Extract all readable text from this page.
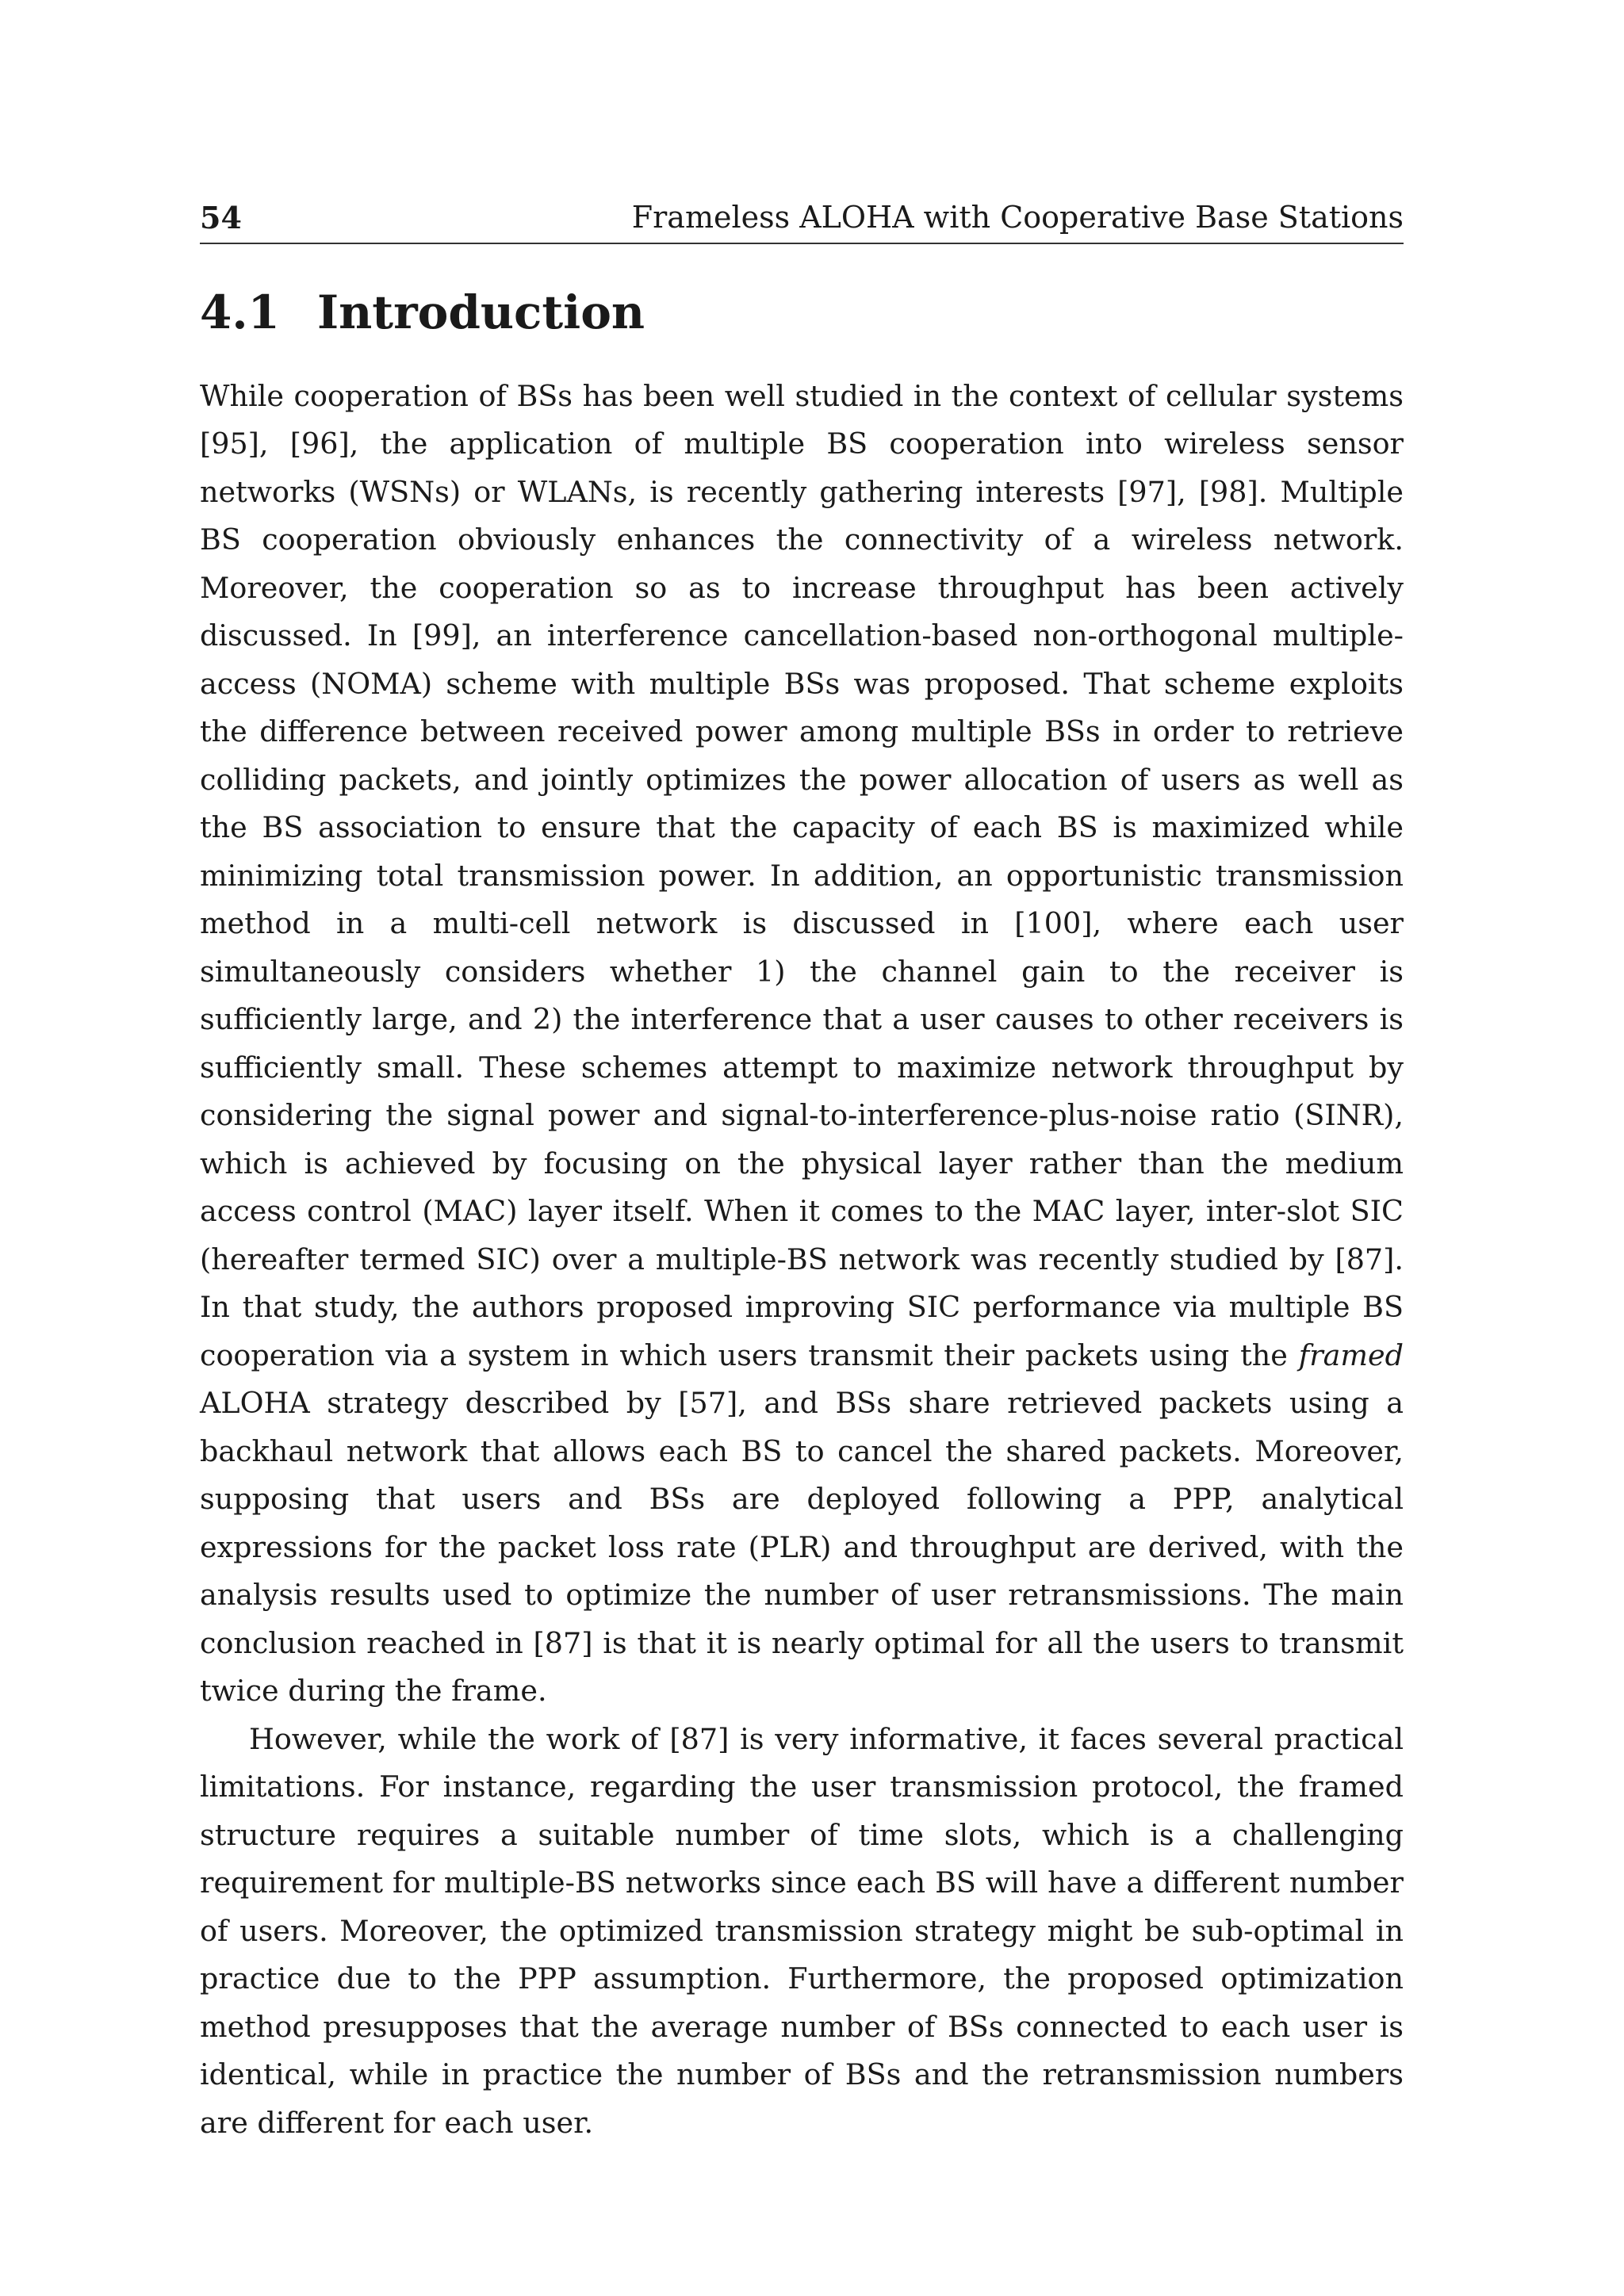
54	Frameless ALOHA with Cooperative Base Stations
4.1 Introduction

While cooperation of BSs has been well studied in the context of cellular systems [95], [96], the application of multiple BS cooperation into wireless sensor networks (WSNs) or WLANs, is recently gathering interests [97], [98]. Multiple BS cooperation obviously enhances the connectivity of a wireless network. Moreover, the cooperation so as to increase throughput has been actively discussed. In [99], an interference cancellation-based non-orthogonal multiple-access (NOMA) scheme with multiple BSs was proposed. That scheme exploits the difference between received power among multiple BSs in order to retrieve colliding packets, and jointly optimizes the power allocation of users as well as the BS association to ensure that the capacity of each BS is maximized while minimizing total transmission power. In addition, an opportunistic transmission method in a multi-cell network is discussed in [100], where each user simultaneously considers whether 1) the channel gain to the receiver is sufficiently large, and 2) the interference that a user causes to other receivers is sufficiently small. These schemes attempt to maximize network throughput by considering the signal power and signal-to-interference-plus-noise ratio (SINR), which is achieved by focusing on the physical layer rather than the medium access control (MAC) layer itself. When it comes to the MAC layer, inter-slot SIC (hereafter termed SIC) over a multiple-BS network was recently studied by [87]. In that study, the authors proposed improving SIC performance via multiple BS cooperation via a system in which users transmit their packets using the framed ALOHA strategy described by [57], and BSs share retrieved packets using a backhaul network that allows each BS to cancel the shared packets. Moreover, supposing that users and BSs are deployed following a PPP, analytical expressions for the packet loss rate (PLR) and throughput are derived, with the analysis results used to optimize the number of user retransmissions. The main conclusion reached in [87] is that it is nearly optimal for all the users to transmit twice during the frame.

However, while the work of [87] is very informative, it faces several practical limitations. For instance, regarding the user transmission protocol, the framed structure requires a suitable number of time slots, which is a challenging requirement for multiple-BS networks since each BS will have a different number of users. Moreover, the optimized transmission strategy might be sub-optimal in practice due to the PPP assumption. Furthermore, the proposed optimization method presupposes that the average number of BSs connected to each user is identical, while in practice the number of BSs and the retransmission numbers are different for each user.
